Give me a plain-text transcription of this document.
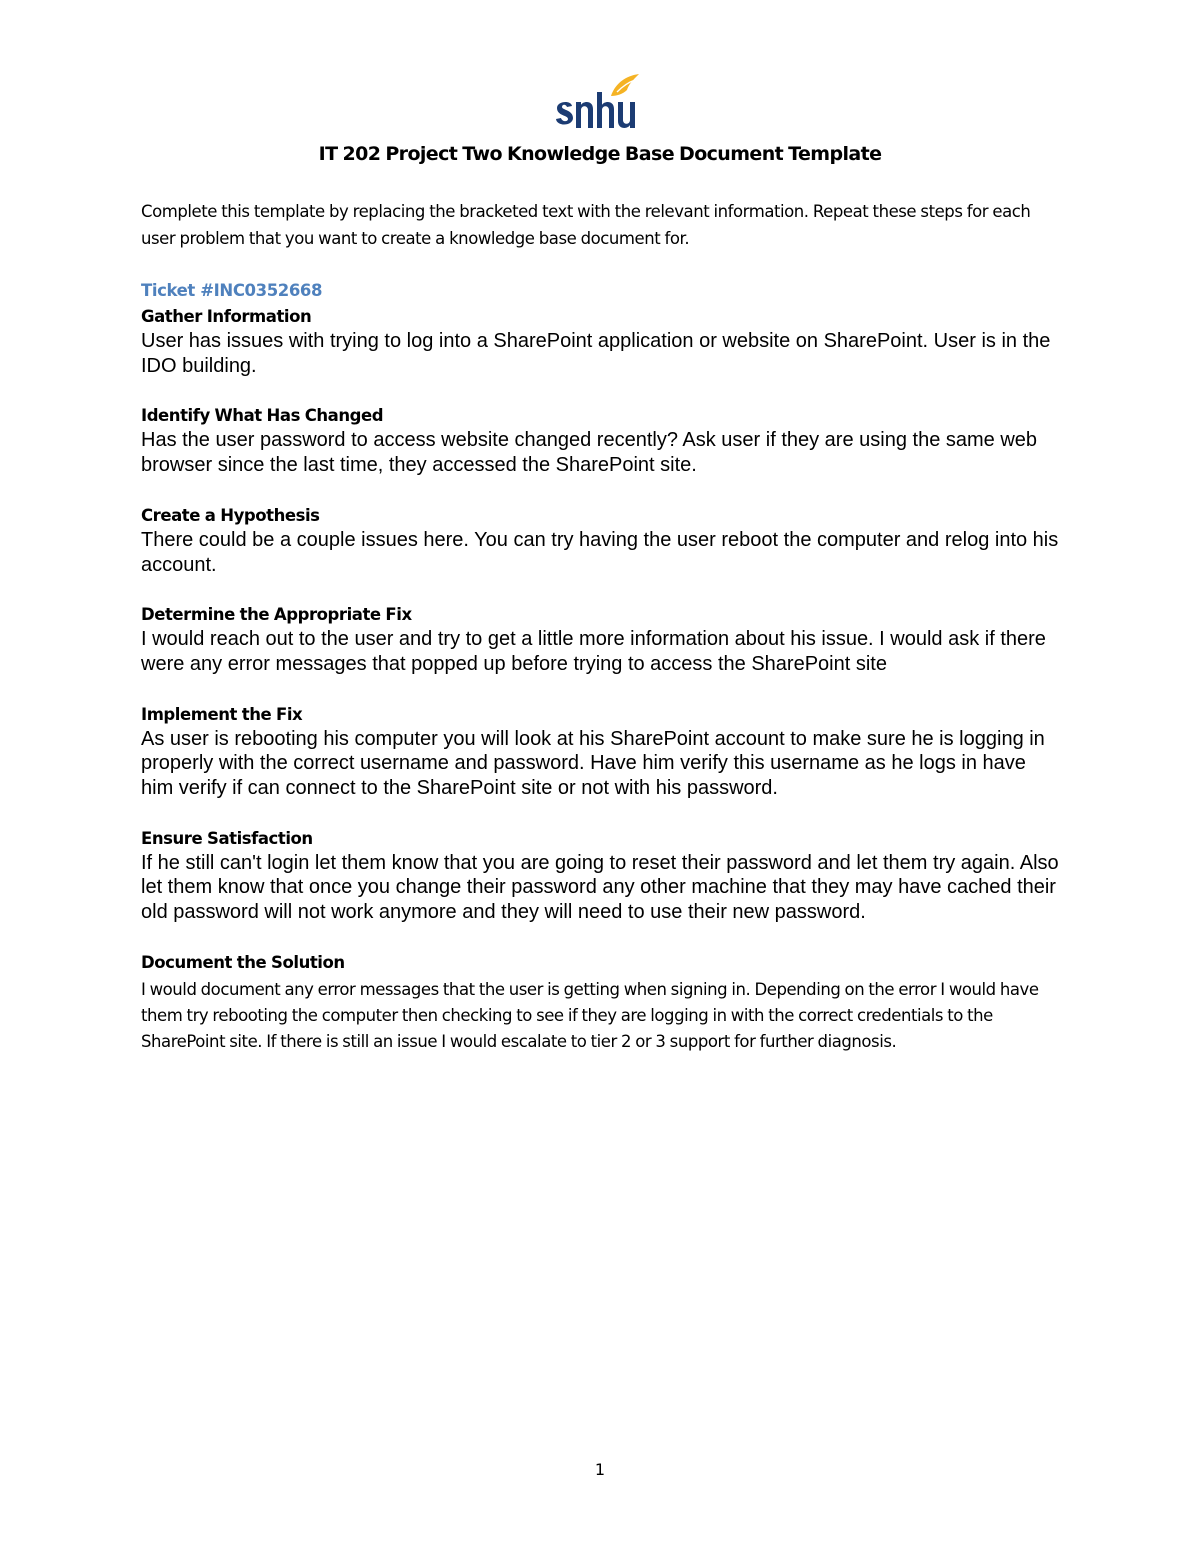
IT 202 Project Two Knowledge Base Document Template

Complete this template by replacing the bracketed text with the relevant information. Repeat these steps for each user problem that you want to create a knowledge base document for.

Ticket #INC0352668

Gather Information

User has issues with trying to log into a SharePoint application or website on SharePoint. User is in the IDO building.

Identify What Has Changed

Has the user password to access website changed recently? Ask user if they are using the same web browser since the last time, they accessed the SharePoint site.

Create a Hypothesis

There could be a couple issues here. You can try having the user reboot the computer and relog into his account.

Determine the Appropriate Fix

I would reach out to the user and try to get a little more information about his issue. I would ask if there were any error messages that popped up before trying to access the SharePoint site

Implement the Fix

As user is rebooting his computer you will look at his SharePoint account to make sure he is logging in properly with the correct username and password. Have him verify this username as he logs in have him verify if can connect to the SharePoint site or not with his password.

Ensure Satisfaction

If he still can't login let them know that you are going to reset their password and let them try again. Also let them know that once you change their password any other machine that they may have cached their old password will not work anymore and they will need to use their new password.

Document the Solution

I would document any error messages that the user is getting when signing in. Depending on the error I would have them try rebooting the computer then checking to see if they are logging in with the correct credentials to the SharePoint site. If there is still an issue I would escalate to tier 2 or 3 support for further diagnosis.

1
